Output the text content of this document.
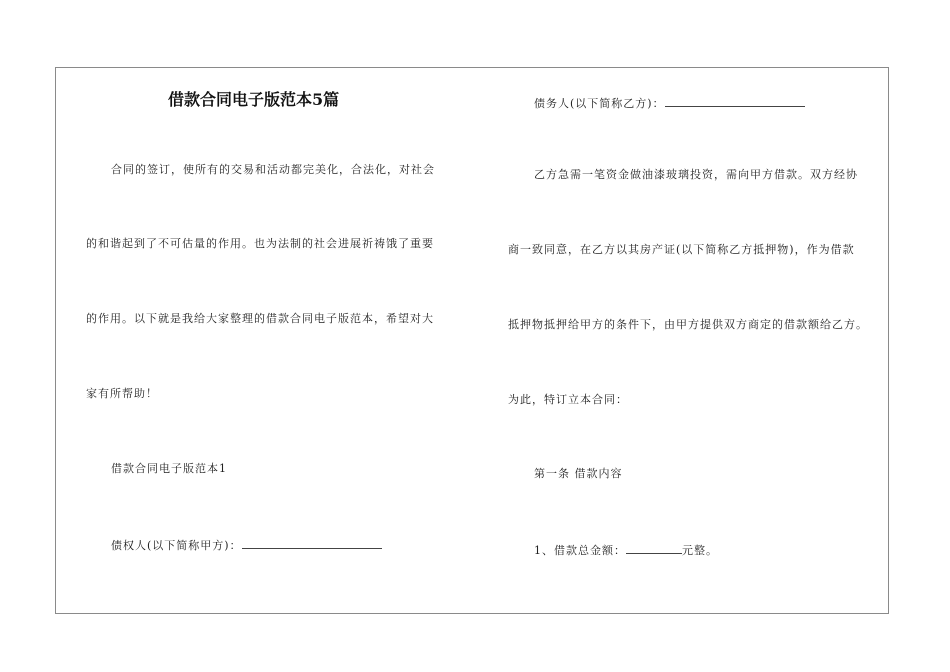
借款合同电子版范本5篇
合同的签订，使所有的交易和活动都完美化，合法化，对社会
的和谐起到了不可估量的作用。也为法制的社会进展祈祷饿了重要
的作用。以下就是我给大家整理的借款合同电子版范本，希望对大
家有所帮助！
借款合同电子版范本1
债权人(以下简称甲方)：
债务人(以下简称乙方)：
乙方急需一笔资金做油漆玻璃投资，需向甲方借款。双方经协
商一致同意，在乙方以其房产证(以下简称乙方抵押物)，作为借款
抵押物抵押给甲方的条件下，由甲方提供双方商定的借款额给乙方。
为此，特订立本合同：
第一条 借款内容
1、借款总金额：	元整。
